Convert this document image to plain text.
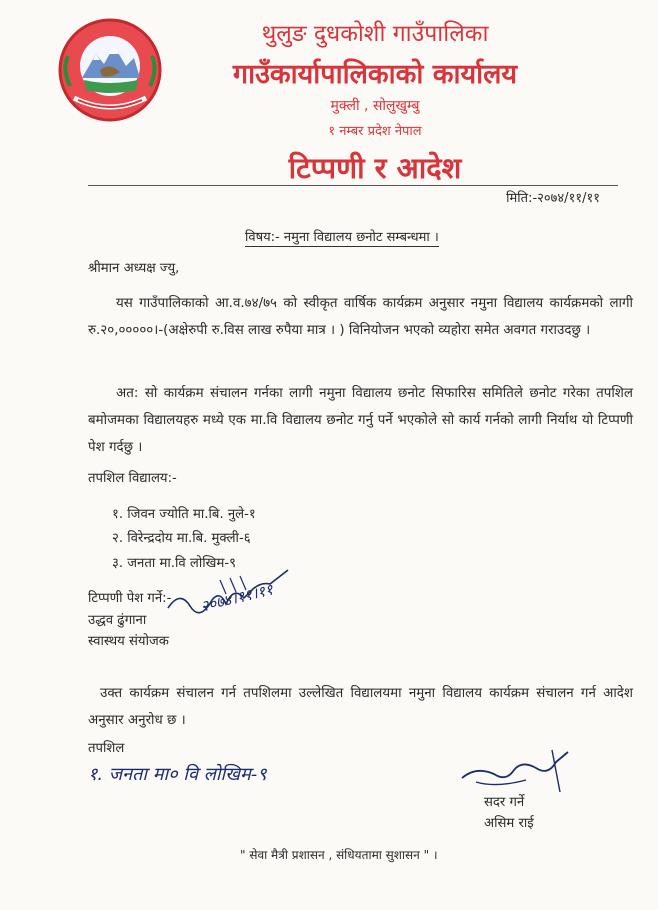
थुलुङ दुधकोशी गाउँपालिका
गाउँकार्यापालिकाको कार्यालय
मुक्ली , सोलुखुम्बु
१ नम्बर प्रदेश नेपाल
टिप्पणी र आदेश
मिति:-२०७४/११/११
विषय:- नमुना विद्यालय छनोट सम्बन्धमा ।
श्रीमान अध्यक्ष ज्यु,
यस गाउँपालिकाको आ.व.७४/७५ को स्वीकृत वार्षिक कार्यक्रम अनुसार नमुना विद्यालय कार्यक्रमको लागी रु.२०,०००००।-(अक्षेरुपी रु.विस लाख रुपैया मात्र । ) विनियोजन भएको व्यहोरा समेत अवगत गराउदछु ।
अत: सो कार्यक्रम संचालन गर्नका लागी नमुना विद्यालय छनोट सिफारिस समितिले छनोट गरेका तपशिल बमोजमका विद्यालयहरु मध्ये एक मा.वि विद्यालय छनोट गर्नु पर्ने भएकोले सो कार्य गर्नको लागी निर्याथ यो टिप्पणी पेश गर्दछु ।
तपशिल विद्यालय:-
१. जिवन ज्योति मा.बि. नुले-१
२. विरेन्द्रदोय मा.बि. मुक्ली-६
३. जनता मा.वि लोखिम-९
टिप्पणी पेश गर्ने:-
उद्धव ढुंगाना
स्वास्थय संयोजक
२०७४।११।११
उक्त कार्यक्रम संचालन गर्न तपशिलमा उल्लेखित विद्यालयमा नमुना विद्यालय कार्यक्रम संचालन गर्न आदेश अनुसार अनुरोध छ ।
तपशिल
१. जनता मा० वि लोखिम-९
सदर गर्ने
असिम राई
" सेवा मैत्री प्रशासन , संधियतामा सुशासन " ।
